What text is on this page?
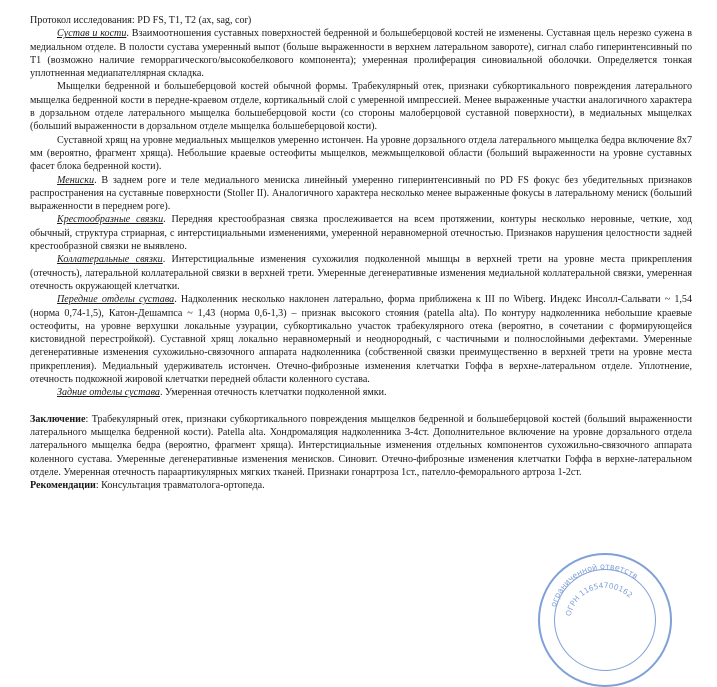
Протокол исследования: PD FS, T1, T2 (ax, sag, cor)

Сустав и кости. Взаимоотношения суставных поверхностей бедренной и большеберцовой костей не изменены. Суставная щель нерезко сужена в медиальном отделе. В полости сустава умеренный выпот (больше выраженности в верхнем латеральном завороте), сигнал слабо гиперинтенсивный по T1 (возможно наличие геморрагического/высокобелкового компонента); умеренная пролиферация синовиальной оболочки. Определяется тонкая уплотненная медиапателлярная складка.

Мыщелки бедренной и большеберцовой костей обычной формы. Трабекулярный отек, признаки субкортикального повреждения латерального мыщелка бедренной кости в передне-краевом отделе, кортикальный слой с умеренной импрессией. Менее выраженные участки аналогичного характера в дорзальном отделе латерального мыщелка большеберцовой кости (со стороны малоберцовой суставной поверхности), в медиальных мыщелках (больший выраженности в дорзальном отделе мыщелка большеберцовой кости).

Суставной хрящ на уровне медиальных мыщелков умеренно истончен. На уровне дорзального отдела латерального мыщелка бедра включение 8х7 мм (вероятно, фрагмент хряща). Небольшие краевые остеофиты мыщелков, межмыщелковой области (больший выраженности на уровне суставных фасет блока бедренной кости).

Мениски. В заднем роге и теле медиального мениска линейный умеренно гиперинтенсивный по PD FS фокус без убедительных признаков распространения на суставные поверхности (Stoller II). Аналогичного характера несколько менее выраженные фокусы в латеральному мениск (больший выраженности в переднем роге).

Крестообразные связки. Передняя крестообразная связка прослеживается на всем протяжении, контуры несколько неровные, четкие, ход обычный, структура стриарная, с интерстициальными изменениями, умеренной неравномерной отечностью. Признаков нарушения целостности задней крестообразной связки не выявлено.

Коллатеральные связки. Интерстициальные изменения сухожилия подколенной мышцы в верхней трети на уровне места прикрепления (отечность), латеральной коллатеральной связки в верхней трети. Умеренные дегенеративные изменения медиальной коллатеральной связки, умеренная отечность окружающей клетчатки.

Передние отделы сустава. Надколенник несколько наклонен латерально, форма приближена к III по Wiberg. Индекс Инсолл-Сальвати ~ 1,54 (норма 0,74-1,5), Катон-Дешампса ~ 1,43 (норма 0,6-1,3) – признак высокого стояния (patella alta). По контуру надколенника небольшие краевые остеофиты, на уровне верхушки локальные узурации, субкортикально участок трабекулярного отека (вероятно, в сочетании с формирующейся кистовидной перестройкой). Суставной хрящ локально неравномерный и неоднородный, с частичными и полнослойными дефектами. Умеренные дегенеративные изменения сухожильно-связочного аппарата надколенника (собственной связки преимущественно в верхней трети на уровне места прикрепления). Медиальный удерживатель истончен. Отечно-фиброзные изменения клетчатки Гоффа в верхне-латеральном отделе. Уплотнение, отечность подкожной жировой клетчатки передней области коленного сустава.

Задние отделы сустава. Умеренная отечность клетчатки подколенной ямки.

Заключение: Трабекулярный отек, признаки субкортикального повреждения мыщелков бедренной и большеберцовой костей (больший выраженности латерального мыщелка бедренной кости). Patella alta. Хондромаляция надколенника 3-4ст. Дополнительное включение на уровне дорзального отдела латерального мыщелка бедра (вероятно, фрагмент хряща). Интерстициальные изменения отдельных компонентов сухожильно-связочного аппарата коленного сустава. Умеренные дегенеративные изменения менисков. Синовит. Отечно-фиброзные изменения клетчатки Гоффа в верхне-латеральном отделе. Умеренная отечность параартикулярных мягких тканей. Признаки гонартроза 1ст., пателло-феморального артроза 1-2ст.

Рекомендации: Консультация травматолога-ортопеда.

ограниченной ответств
ОГРН 11654700162
